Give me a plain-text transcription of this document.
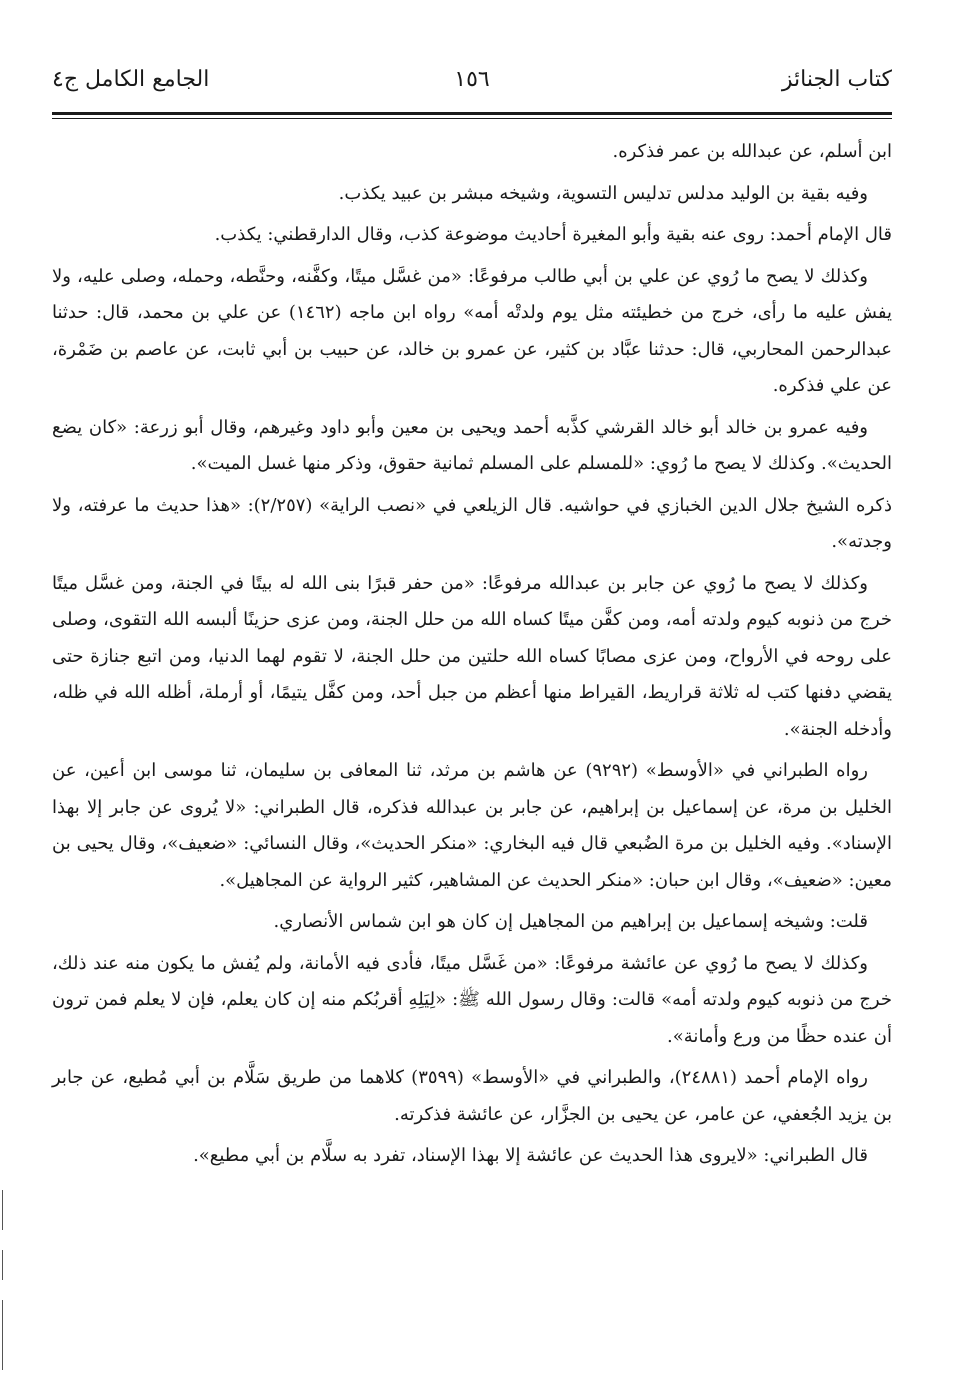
كتاب الجنائز
١٥٦
الجامع الكامل ج٤

ابن أسلم، عن عبدالله بن عمر فذكره.

وفيه بقية بن الوليد مدلس تدليس التسوية، وشيخه مبشر بن عبيد يكذب.

قال الإمام أحمد: روى عنه بقية وأبو المغيرة أحاديث موضوعة كذب، وقال الدارقطني: يكذب.

وكذلك لا يصح ما رُوي عن علي بن أبي طالب مرفوعًا: «من غسَّل ميتًا، وكفَّنه، وحنَّطه، وحمله، وصلى عليه، ولا يفش عليه ما رأى، خرج من خطيئته مثل يوم ولدتْه أمه» رواه ابن ماجه (١٤٦٢) عن علي بن محمد، قال: حدثنا عبدالرحمن المحاربي، قال: حدثنا عبَّاد بن كثير، عن عمرو بن خالد، عن حبيب بن أبي ثابت، عن عاصم بن ضَمْرة، عن علي فذكره.

وفيه عمرو بن خالد أبو خالد القرشي كذَّبه أحمد ويحيى بن معين وأبو داود وغيرهم، وقال أبو زرعة: «كان يضع الحديث». وكذلك لا يصح ما رُوي: «للمسلم على المسلم ثمانية حقوق، وذكر منها غسل الميت».

ذكره الشيخ جلال الدين الخبازي في حواشيه. قال الزيلعي في «نصب الراية» (٢/٢٥٧): «هذا حديث ما عرفته، ولا وجدته».

وكذلك لا يصح ما رُوي عن جابر بن عبدالله مرفوعًا: «من حفر قبرًا بنى الله له بيتًا في الجنة، ومن غسَّل ميتًا خرج من ذنوبه كيوم ولدته أمه، ومن كفَّن ميتًا كساه الله من حلل الجنة، ومن عزى حزينًا ألبسه الله التقوى، وصلى على روحه في الأرواح، ومن عزى مصابًا كساه الله حلتين من حلل الجنة، لا تقوم لهما الدنيا، ومن اتبع جنازة حتى يقضي دفنها كتب له ثلاثة قراريط، القيراط منها أعظم من جبل أحد، ومن كفَّل يتيمًا، أو أرملة، أظله الله في ظله، وأدخله الجنة».

رواه الطبراني في «الأوسط» (٩٢٩٢) عن هاشم بن مرثد، ثنا المعافى بن سليمان، ثنا موسى ابن أعين، عن الخليل بن مرة، عن إسماعيل بن إبراهيم، عن جابر بن عبدالله فذكره، قال الطبراني: «لا يُروى عن جابر إلا بهذا الإسناد». وفيه الخليل بن مرة الضُبعي قال فيه البخاري: «منكر الحديث»، وقال النسائي: «ضعيف»، وقال يحيى بن معين: «ضعيف»، وقال ابن حبان: «منكر الحديث عن المشاهير، كثير الرواية عن المجاهيل».

قلت: وشيخه إسماعيل بن إبراهيم من المجاهيل إن كان هو ابن شماس الأنصاري.

وكذلك لا يصح ما رُوي عن عائشة مرفوعًا: «من غَسَّل ميتًا، فأدى فيه الأمانة، ولم يُفش ما يكون منه عند ذلك، خرج من ذنوبه كيوم ولدته أمه» قالت: وقال رسول الله ﷺ: «لِيَلِهِ أقربُكم منه إن كان يعلم، فإن لا يعلم فمن ترون أن عنده حظًا من ورع وأمانة».

رواه الإمام أحمد (٢٤٨٨١)، والطبراني في «الأوسط» (٣٥٩٩) كلاهما من طريق سَلَّام بن أبي مُطيع، عن جابر بن يزيد الجُعفي، عن عامر، عن يحيى بن الجزَّار، عن عائشة فذكرته.

قال الطبراني: «لايروى هذا الحديث عن عائشة إلا بهذا الإسناد، تفرد به سلَّام بن أبي مطيع».
